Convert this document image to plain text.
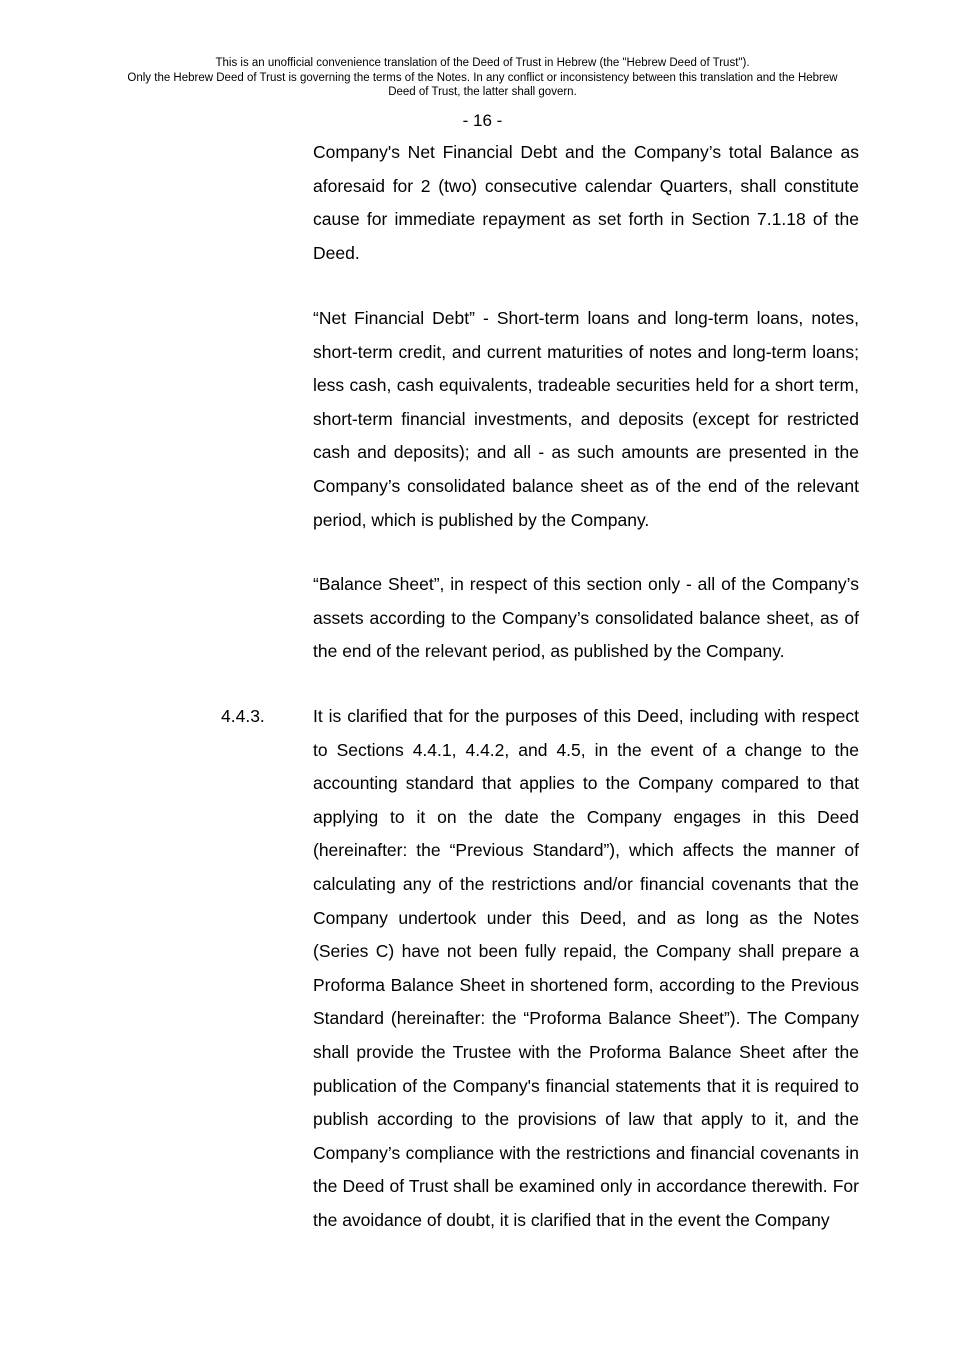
This is an unofficial convenience translation of the Deed of Trust in Hebrew (the "Hebrew Deed of Trust").
Only the Hebrew Deed of Trust is governing the terms of the Notes. In any conflict or inconsistency between this translation and the Hebrew
Deed of Trust, the latter shall govern.
- 16 -
Company's Net Financial Debt and the Company’s total Balance as aforesaid for 2 (two) consecutive calendar Quarters, shall constitute cause for immediate repayment as set forth in Section 7.1.18 of the Deed.
“Net Financial Debt” - Short-term loans and long-term loans, notes, short-term credit, and current maturities of notes and long-term loans; less cash, cash equivalents, tradeable securities held for a short term, short-term financial investments, and deposits (except for restricted cash and deposits); and all - as such amounts are presented in the Company’s consolidated balance sheet as of the end of the relevant period, which is published by the Company.
“Balance Sheet”, in respect of this section only - all of the Company’s assets according to the Company’s consolidated balance sheet, as of the end of the relevant period, as published by the Company.
4.4.3.	It is clarified that for the purposes of this Deed, including with respect to Sections 4.4.1, 4.4.2, and 4.5, in the event of a change to the accounting standard that applies to the Company compared to that applying to it on the date the Company engages in this Deed (hereinafter: the “Previous Standard”), which affects the manner of calculating any of the restrictions and/or financial covenants that the Company undertook under this Deed, and as long as the Notes (Series C) have not been fully repaid, the Company shall prepare a Proforma Balance Sheet in shortened form, according to the Previous Standard (hereinafter: the “Proforma Balance Sheet”). The Company shall provide the Trustee with the Proforma Balance Sheet after the publication of the Company's financial statements that it is required to publish according to the provisions of law that apply to it, and the Company’s compliance with the restrictions and financial covenants in the Deed of Trust shall be examined only in accordance therewith. For the avoidance of doubt, it is clarified that in the event the Company
